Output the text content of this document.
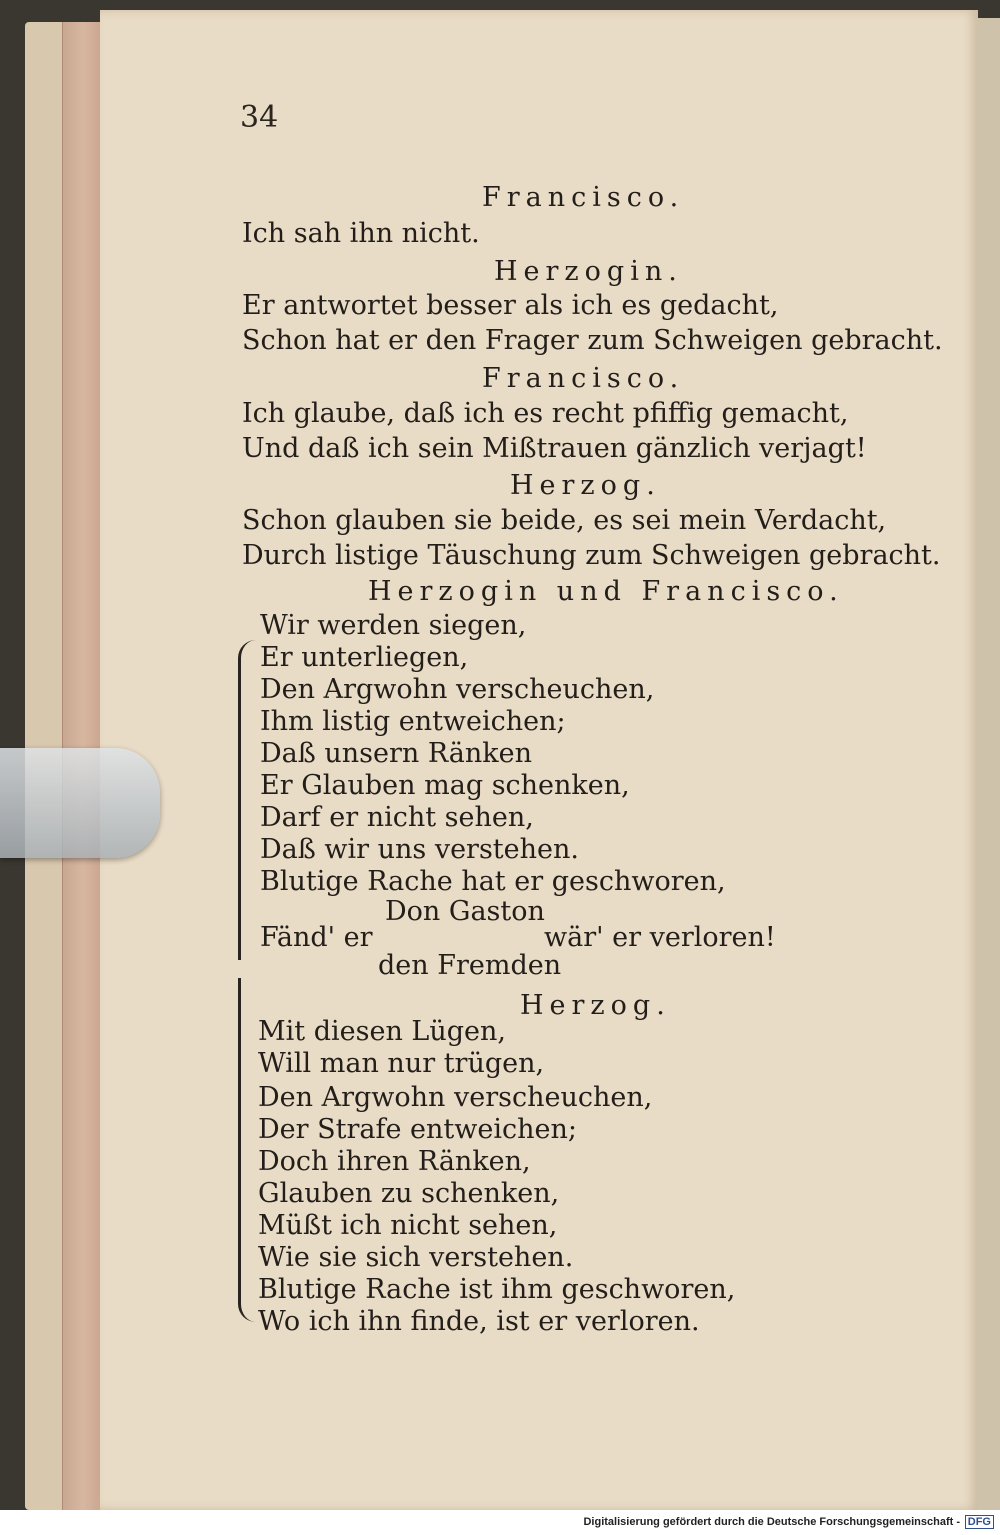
34
Francisco.
Ich sah ihn nicht.
Herzogin.
Er antwortet besser als ich es gedacht,
Schon hat er den Frager zum Schweigen gebracht.
Francisco.
Ich glaube, daß ich es recht pfiffig gemacht,
Und daß ich sein Mißtrauen gänzlich verjagt!
Herzog.
Schon glauben sie beide, es sei mein Verdacht,
Durch listige Täuschung zum Schweigen gebracht.
Herzogin und Francisco.
Wir werden siegen,
Er unterliegen,
Den Argwohn verscheuchen,
Ihm listig entweichen;
Daß unsern Ränken
Er Glauben mag schenken,
Darf er nicht sehen,
Daß wir uns verstehen.
Blutige Rache hat er geschworen,
Don Gaston
Fänd' er	wär' er verloren!
den Fremden
Herzog.
Mit diesen Lügen,
Will man nur trügen,
Den Argwohn verscheuchen,
Der Strafe entweichen;
Doch ihren Ränken,
Glauben zu schenken,
Müßt ich nicht sehen,
Wie sie sich verstehen.
Blutige Rache ist ihm geschworen,
Wo ich ihn finde, ist er verloren.
Digitalisierung gefördert durch die Deutsche Forschungsgemeinschaft - DFG
